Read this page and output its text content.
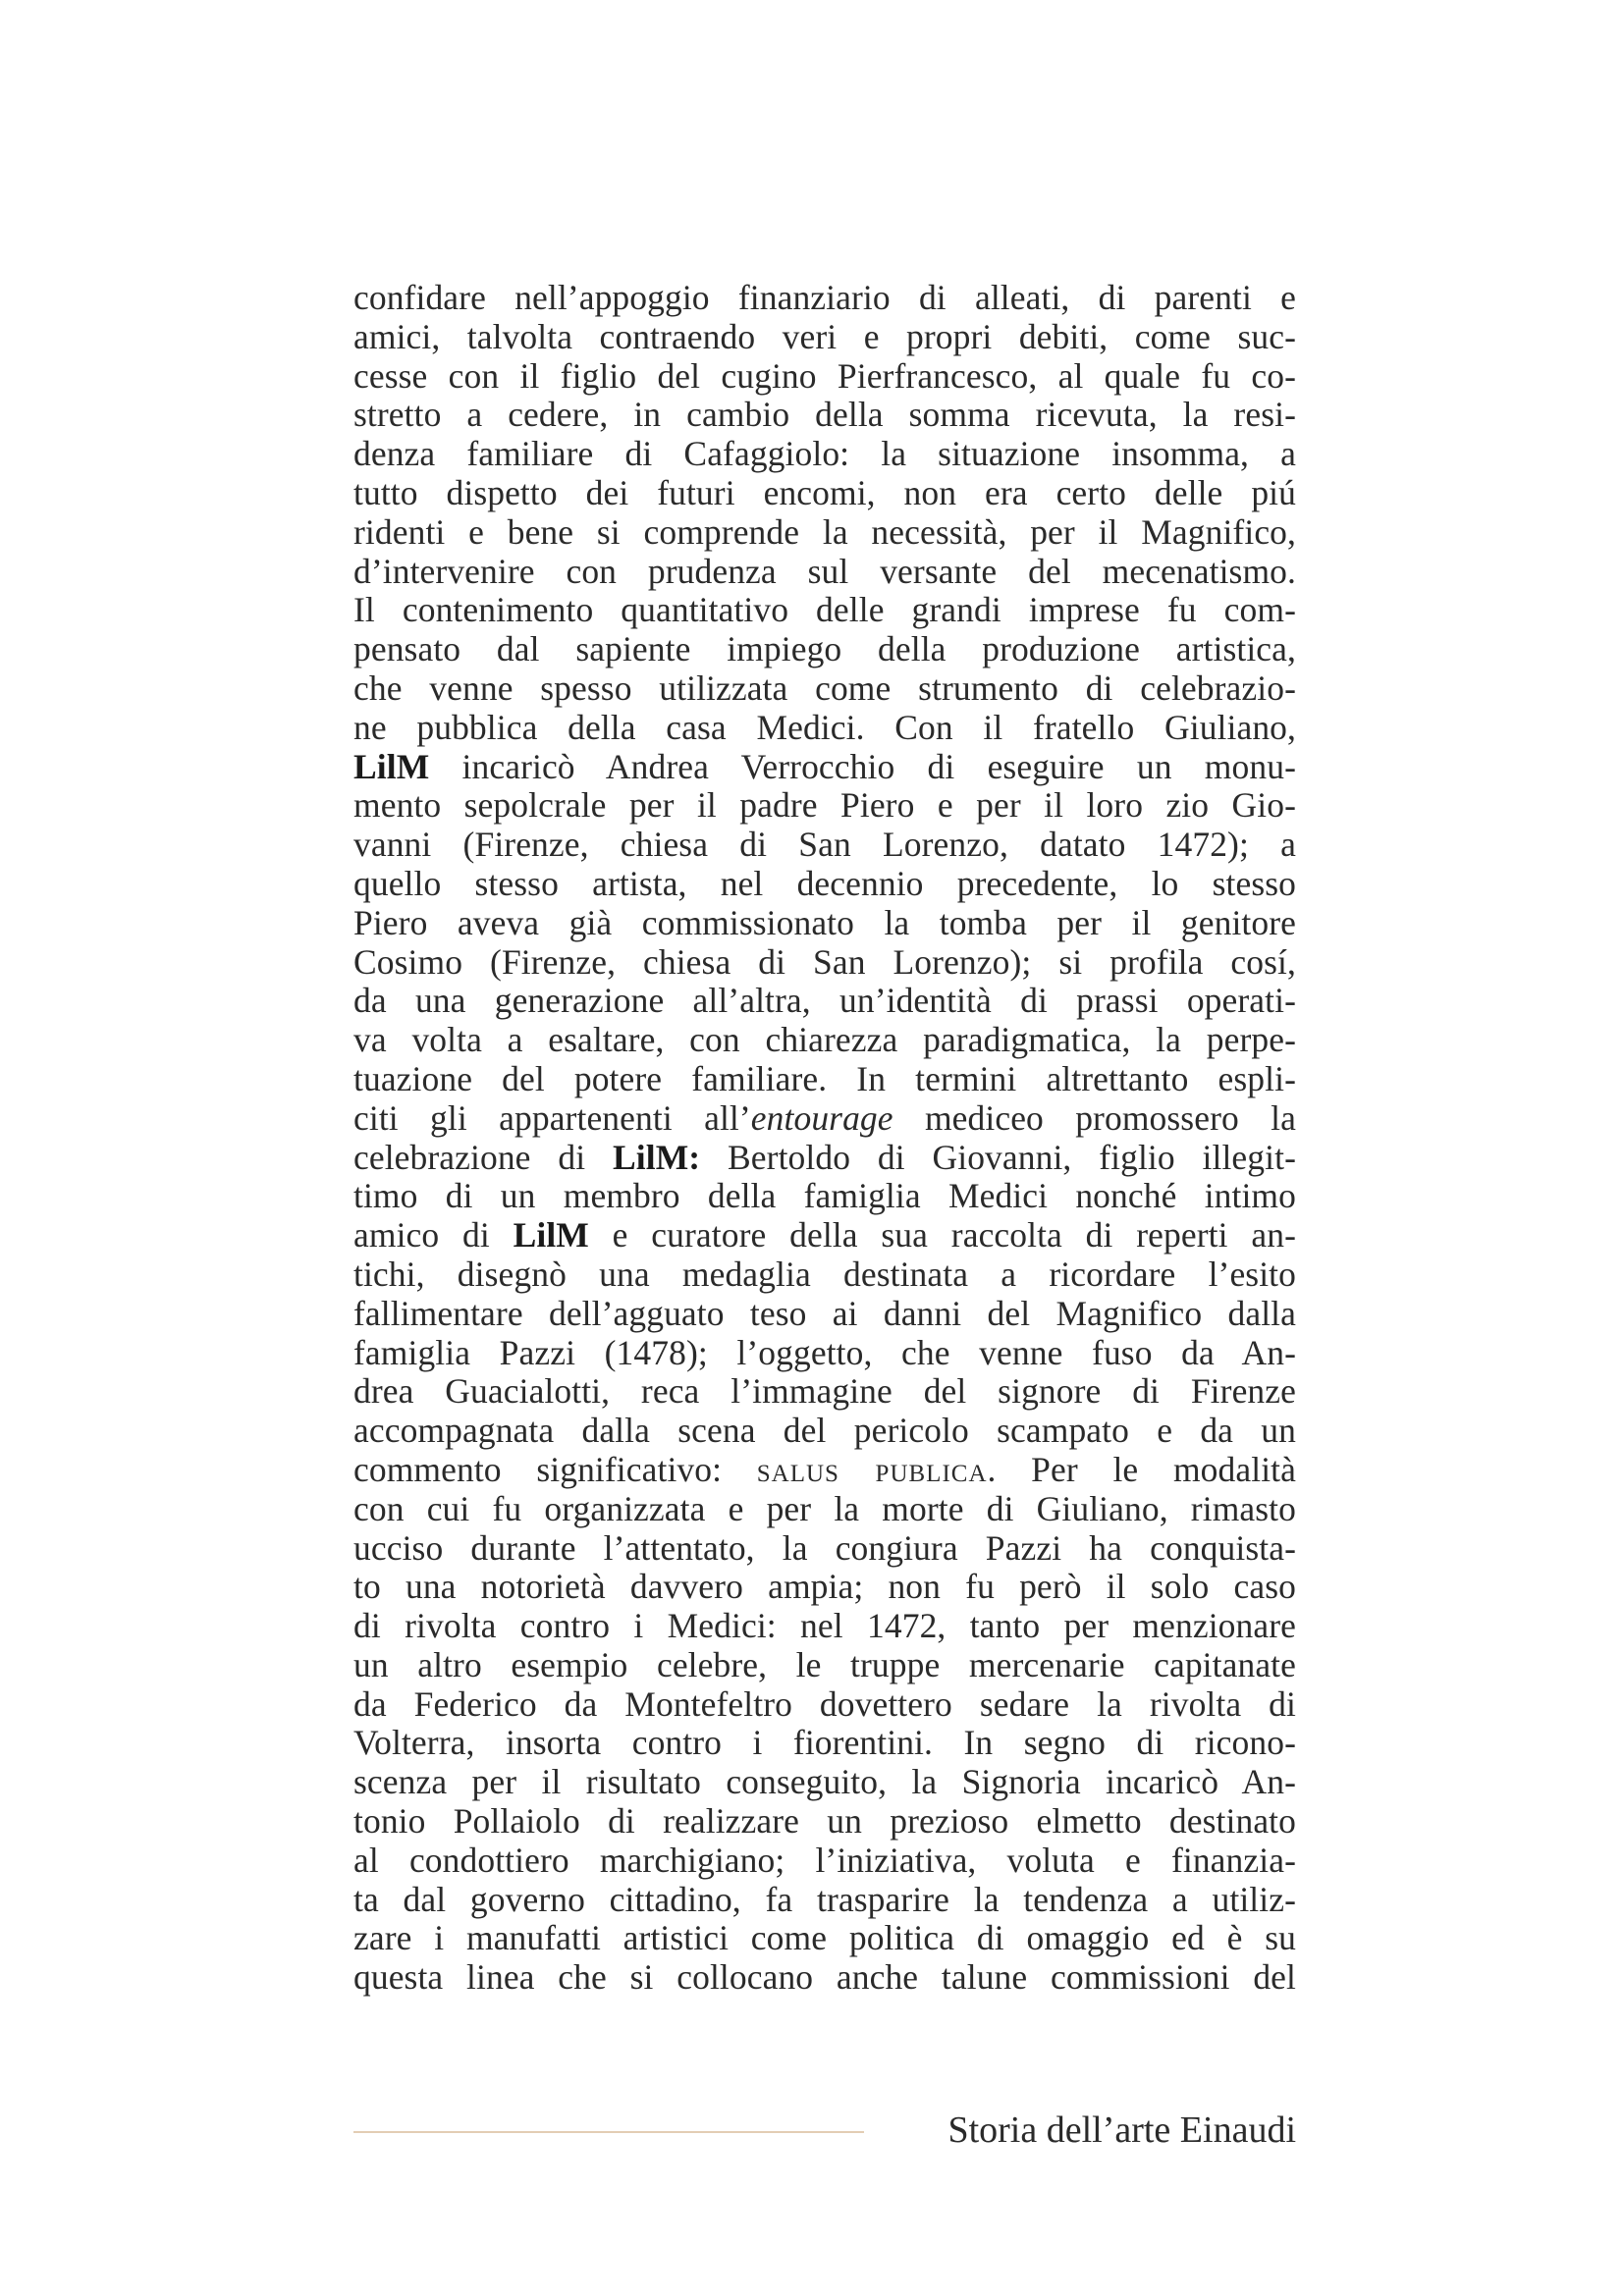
confidare nell’appoggio finanziario di alleati, di parenti e
amici, talvolta contraendo veri e propri debiti, come suc-
cesse con il figlio del cugino Pierfrancesco, al quale fu co-
stretto a cedere, in cambio della somma ricevuta, la resi-
denza familiare di Cafaggiolo: la situazione insomma, a
tutto dispetto dei futuri encomi, non era certo delle piú
ridenti e bene si comprende la necessità, per il Magnifico,
d’intervenire con prudenza sul versante del mecenatismo.
Il contenimento quantitativo delle grandi imprese fu com-
pensato dal sapiente impiego della produzione artistica,
che venne spesso utilizzata come strumento di celebrazio-
ne pubblica della casa Medici. Con il fratello Giuliano,
LilM incaricò Andrea Verrocchio di eseguire un monu-
mento sepolcrale per il padre Piero e per il loro zio Gio-
vanni (Firenze, chiesa di San Lorenzo, datato 1472); a
quello stesso artista, nel decennio precedente, lo stesso
Piero aveva già commissionato la tomba per il genitore
Cosimo (Firenze, chiesa di San Lorenzo); si profila cosí,
da una generazione all’altra, un’identità di prassi operati-
va volta a esaltare, con chiarezza paradigmatica, la perpe-
tuazione del potere familiare. In termini altrettanto espli-
citi gli appartenenti all’entourage mediceo promossero la
celebrazione di LilM: Bertoldo di Giovanni, figlio illegit-
timo di un membro della famiglia Medici nonché intimo
amico di LilM e curatore della sua raccolta di reperti an-
tichi, disegnò una medaglia destinata a ricordare l’esito
fallimentare dell’agguato teso ai danni del Magnifico dalla
famiglia Pazzi (1478); l’oggetto, che venne fuso da An-
drea Guacialotti, reca l’immagine del signore di Firenze
accompagnata dalla scena del pericolo scampato e da un
commento significativo: salus publica. Per le modalità
con cui fu organizzata e per la morte di Giuliano, rimasto
ucciso durante l’attentato, la congiura Pazzi ha conquista-
to una notorietà davvero ampia; non fu però il solo caso
di rivolta contro i Medici: nel 1472, tanto per menzionare
un altro esempio celebre, le truppe mercenarie capitanate
da Federico da Montefeltro dovettero sedare la rivolta di
Volterra, insorta contro i fiorentini. In segno di ricono-
scenza per il risultato conseguito, la Signoria incaricò An-
tonio Pollaiolo di realizzare un prezioso elmetto destinato
al condottiero marchigiano; l’iniziativa, voluta e finanzia-
ta dal governo cittadino, fa trasparire la tendenza a utiliz-
zare i manufatti artistici come politica di omaggio ed è su
questa linea che si collocano anche talune commissioni del
Storia dell’arte Einaudi
